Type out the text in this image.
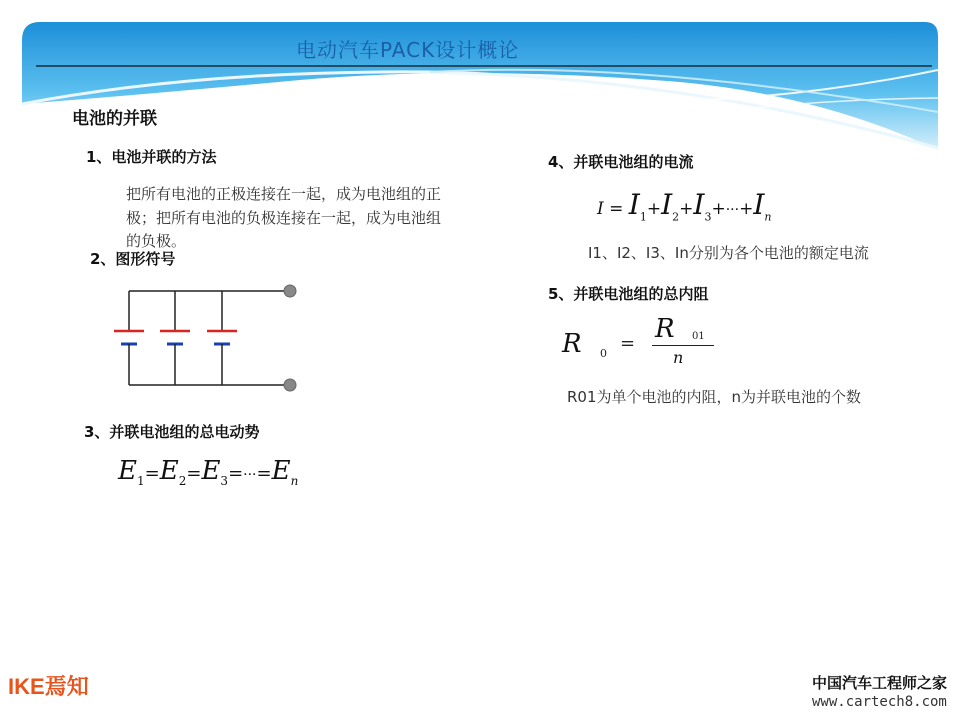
电动汽车PACK设计概论
电池的并联
1、电池并联的方法
把所有电池的正极连接在一起，成为电池组的正
极；把所有电池的负极连接在一起，成为电池组
的负极。
2、图形符号
3、并联电池组的总电动势
$E_1=E_2=E_3=\cdot\cdot\cdot=E_n$
4、并联电池组的电流
$I = I_1+I_2+I_3+\cdot\cdot\cdot+I_n$
I1、I2、I3、In分别为各个电池的额定电流
5、并联电池组的总内阻
R 0 = R 01
n
R01为单个电池的内阻，n为并联电池的个数
IKE焉知	中国汽车工程师之家
www.cartech8.com
